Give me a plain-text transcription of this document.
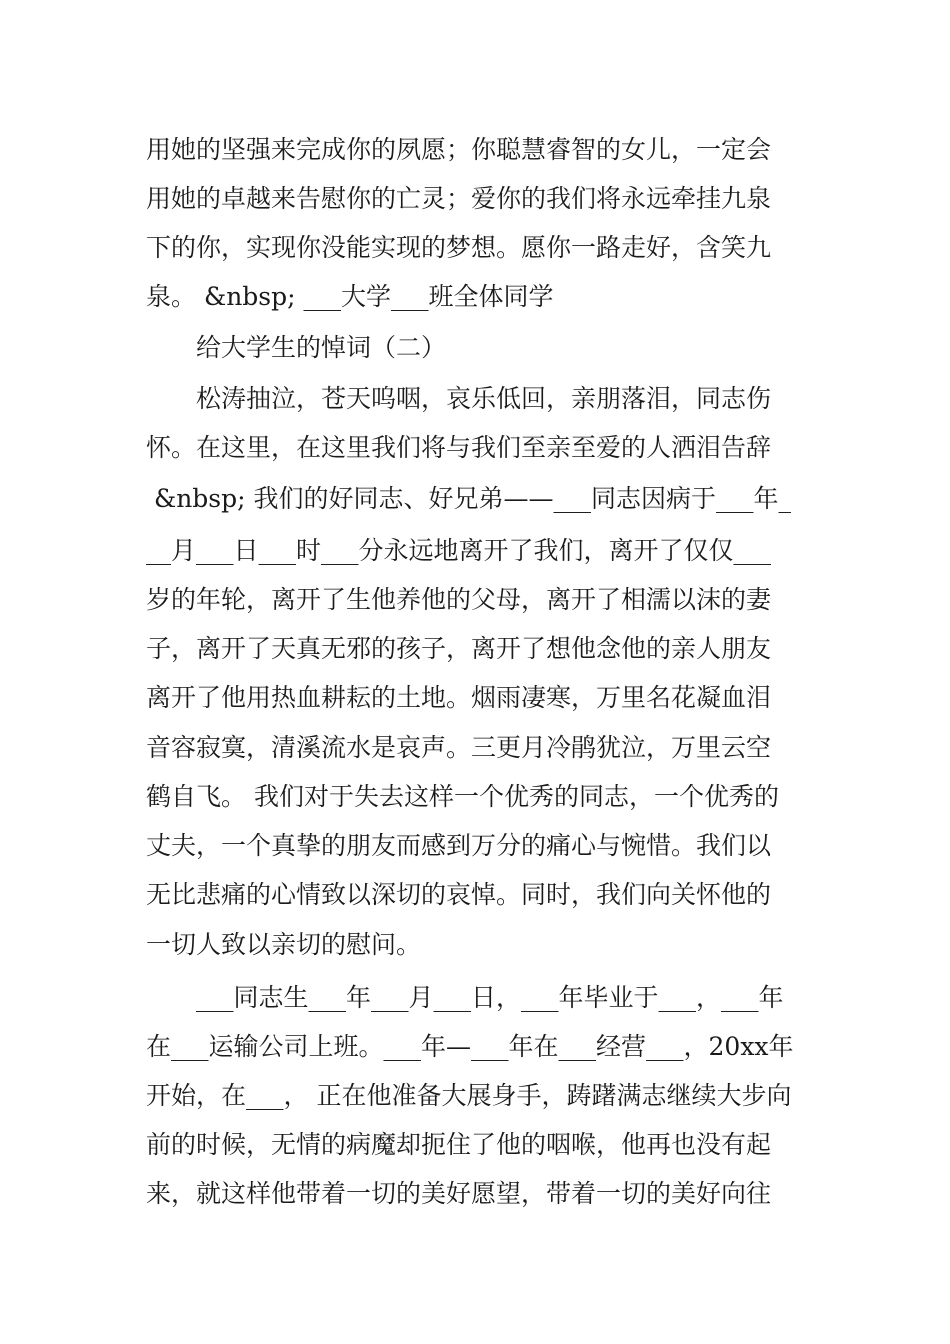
用她的坚强来完成你的夙愿；你聪慧睿智的女儿，一定会
用她的卓越来告慰你的亡灵；爱你的我们将永远牵挂九泉
下的你，实现你没能实现的梦想。愿你一路走好，含笑九
泉。 &nbsp; ___大学___班全体同学
给大学生的悼词（二）
松涛抽泣，苍天呜咽，哀乐低回，亲朋落泪，同志伤
怀。在这里，在这里我们将与我们至亲至爱的人洒泪告辞
&nbsp; 我们的好同志、好兄弟——___同志因病于___年_
__月___日___时___分永远地离开了我们，离开了仅仅___
岁的年轮，离开了生他养他的父母，离开了相濡以沫的妻
子，离开了天真无邪的孩子，离开了想他念他的亲人朋友
离开了他用热血耕耘的土地。烟雨凄寒，万里名花凝血泪
音容寂寞，清溪流水是哀声。三更月冷鹃犹泣，万里云空
鹤自飞。 我们对于失去这样一个优秀的同志，一个优秀的
丈夫，一个真挚的朋友而感到万分的痛心与惋惜。我们以
无比悲痛的心情致以深切的哀悼。同时，我们向关怀他的
一切人致以亲切的慰问。
___同志生___年___月___日，___年毕业于___，___年
在___运输公司上班。___年—___年在___经营___，20xx年
开始，在___， 正在他准备大展身手，踌躇满志继续大步向
前的时候，无情的病魔却扼住了他的咽喉，他再也没有起
来，就这样他带着一切的美好愿望，带着一切的美好向往
